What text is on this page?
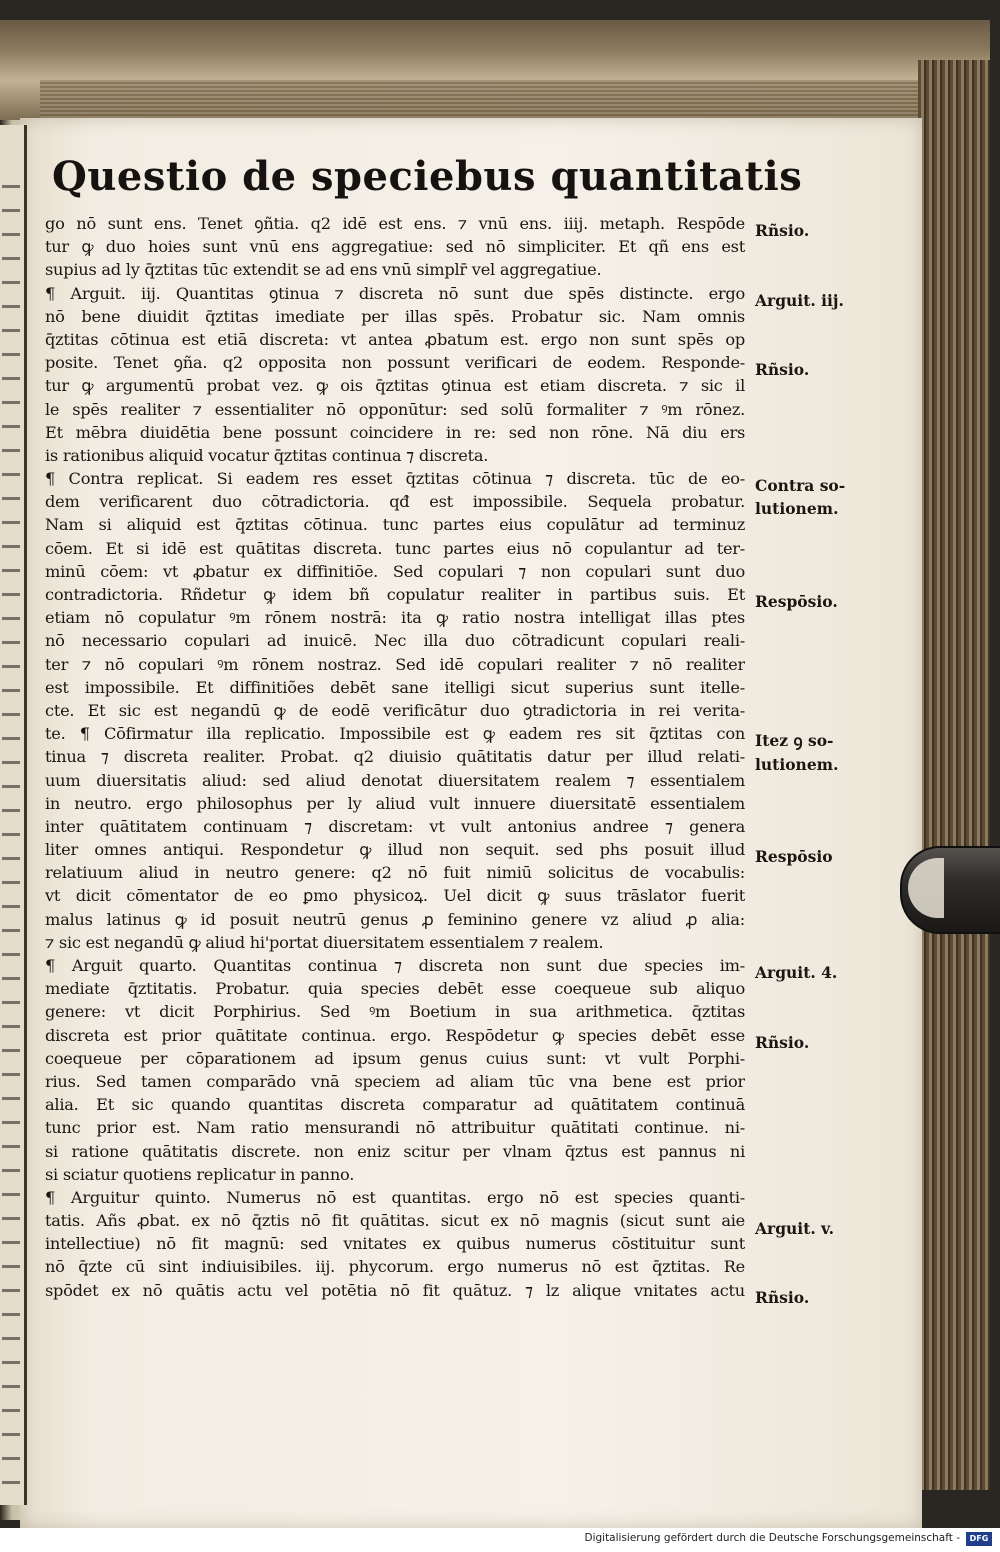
Questio de speciebus quantitatis
go nō sunt ens. Tenet ꝯñtia. q2 idē est ens. ⁊ vnū ens. iiij. metaph. Respōde
tur ꝙ duo hoies sunt vnū ens aggregatiue: sed nō simpliciter. Et qñ ens est
supius ad ly q̄ztitas tūc extendit se ad ens vnū simplr̄ vel aggregatiue.
¶ Arguit. iij. Quantitas ꝯtinua ⁊ discreta nō sunt due spēs distincte. ergo
nō bene diuidit q̄ztitas imediate per illas spēs. Probatur sic. Nam omnis
q̄ztitas cōtinua est etiā discreta: vt antea ꝓbatum est. ergo non sunt spēs op
posite. Tenet ꝯña. q2 opposita non possunt verificari de eodem. Responde-
tur ꝙ argumentū probat vez. ꝙ ois q̄ztitas ꝯtinua est etiam discreta. ⁊ sic il
le spēs realiter ⁊ essentialiter nō opponūtur: sed solū formaliter ⁊ ꝰm rōnez.
Et mēbra diuidētia bene possunt coincidere in re: sed non rōne. Nā diu ers
is rationibus aliquid vocatur q̄ztitas continua ⁊ discreta.
¶ Contra replicat. Si eadem res esset q̄ztitas cōtinua ⁊ discreta. tūc de eo-
dem verificarent duo cōtradictoria. qđ est impossibile. Sequela probatur.
Nam si aliquid est q̄ztitas cōtinua. tunc partes eius copulātur ad terminuz
cōem. Et si idē est quātitas discreta. tunc partes eius nō copulantur ad ter-
minū cōem: vt ꝓbatur ex diffinitiōe. Sed copulari ⁊ non copulari sunt duo
contradictoria. Rñdetur ꝙ idem bñ copulatur realiter in partibus suis. Et
etiam nō copulatur ꝰm rōnem nostrā: ita ꝙ ratio nostra intelligat illas ptes
nō necessario copulari ad inuicē. Nec illa duo cōtradicunt copulari reali-
ter ⁊ nō copulari ꝰm rōnem nostraz. Sed idē copulari realiter ⁊ nō realiter
est impossibile. Et diffinitiões debēt sane itelligi sicut superius sunt itelle-
cte. Et sic est negandū ꝙ de eodē verificātur duo ꝯtradictoria in rei verita-
te. ¶ Cōfirmatur illa replicatio. Impossibile est ꝙ eadem res sit q̄ztitas con
tinua ⁊ discreta realiter. Probat. q2 diuisio quātitatis datur per illud relati-
uum diuersitatis aliud: sed aliud denotat diuersitatem realem ⁊ essentialem
in neutro. ergo philosophus per ly aliud vult innuere diuersitatē essentialem
inter quātitatem continuam ⁊ discretam: vt vult antonius andree ⁊ genera
liter omnes antiqui. Respondetur ꝙ illud non sequit. sed phs posuit illud
relatiuum aliud in neutro genere: q2 nō fuit nimiū solicitus de vocabulis:
vt dicit cōmentator de eo ꝑmo physicoꝝ. Uel dicit ꝙ suus trāslator fuerit
malus latinus ꝙ id posuit neutrū genus ꝓ feminino genere vz aliud ꝓ alia:
⁊ sic est negandū ꝙ aliud hi'portat diuersitatem essentialem ⁊ realem.
¶ Arguit quarto. Quantitas continua ⁊ discreta non sunt due species im-
mediate q̄ztitatis. Probatur. quia species debēt esse coequeue sub aliquo
genere: vt dicit Porphirius. Sed ꝰm Boetium in sua arithmetica. q̄ztitas
discreta est prior quātitate continua. ergo. Respōdetur ꝙ species debēt esse
coequeue per cōparationem ad ipsum genus cuius sunt: vt vult Porphi-
rius. Sed tamen comparādo vnā speciem ad aliam tūc vna bene est prior
alia. Et sic quando quantitas discreta comparatur ad quātitatem continuā
tunc prior est. Nam ratio mensurandi nō attribuitur quātitati continue. ni-
si ratione quātitatis discrete. non eniz scitur per vlnam q̄ztus est pannus ni
si sciatur quotiens replicatur in panno.
¶ Arguitur quinto. Numerus nō est quantitas. ergo nō est species quanti-
tatis. Añs ꝓbat. ex nō q̄ztis nō fit quātitas. sicut ex nō magnis (sicut sunt aie
intellectiue) nō fit magnū: sed vnitates ex quibus numerus cōstituitur sunt
nō q̄zte cū sint indiuisibiles. iij. phycorum. ergo numerus nō est q̄ztitas. Re
spōdet ex nō quātis actu vel potētia nō fit quātuz. ⁊ lz alique vnitates actu
Rñsio.
Arguit. iij.
Rñsio.
Contra so-
lutionem.
Respōsio.
Itez ꝯ so-
lutionem.
Respōsio
Arguit. 4.
Rñsio.
Arguit. v.
Rñsio.
Digitalisierung gefördert durch die Deutsche Forschungsgemeinschaft -	DFG
